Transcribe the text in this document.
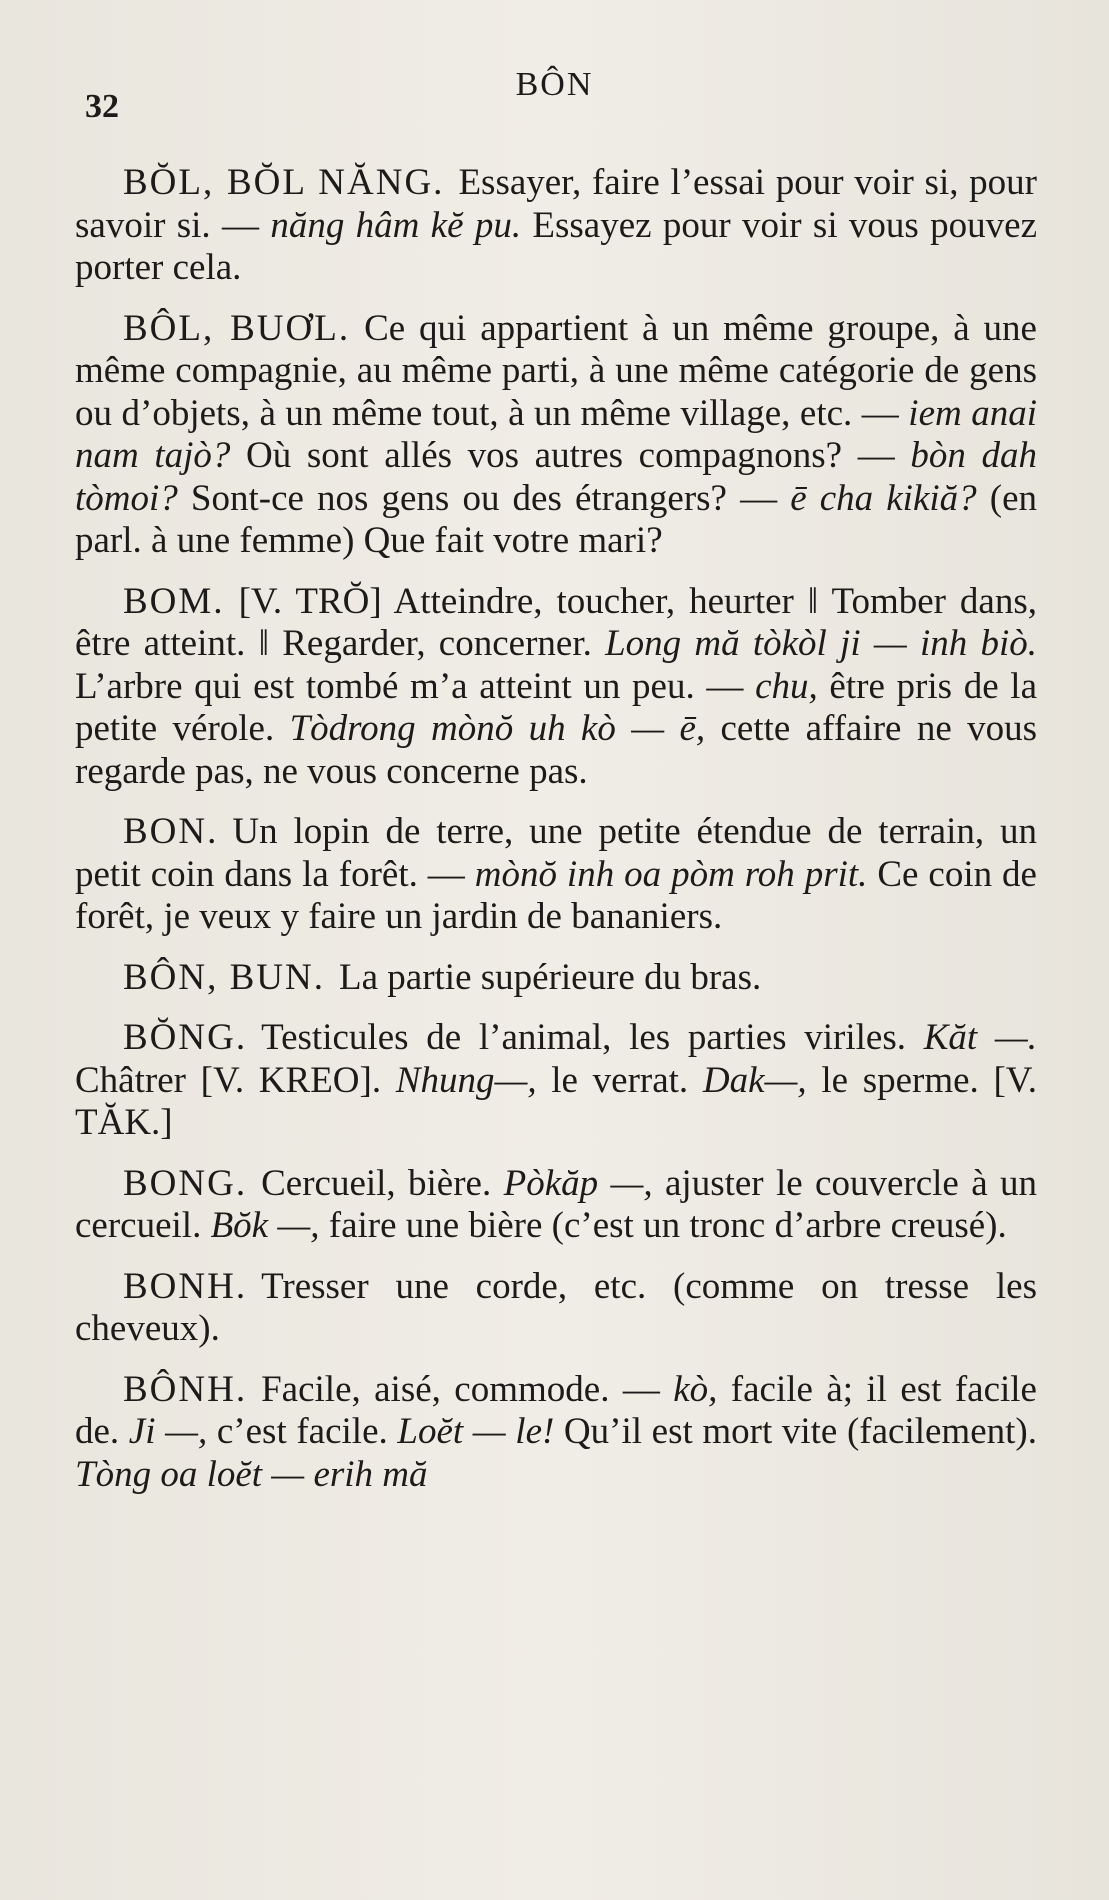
32
BÔN

BŎL, BŎL NĂNG. Essayer, faire l’essai pour voir si, pour savoir si. — năng hâm kĕ pu. Essayez pour voir si vous pouvez porter cela.

BÔL, BUƠL. Ce qui appartient à un même groupe, à une même compagnie, au même parti, à une même catégorie de gens ou d’objets, à un même tout, à un même village, etc. — iem anai nam tajò? Où sont allés vos autres compagnons? — bòn dah tòmoi? Sont-ce nos gens ou des étrangers? — ē cha kikiă? (en parl. à une femme) Que fait votre mari?

BOM. [V. TRŎ] Atteindre, toucher, heurter ‖ Tomber dans, être atteint. ‖ Regarder, concerner. Long mă tòkòl ji — inh biò. L’arbre qui est tombé m’a atteint un peu. — chu, être pris de la petite vérole. Tòdrong mònŏ uh kò — ē, cette affaire ne vous regarde pas, ne vous concerne pas.

BON. Un lopin de terre, une petite étendue de terrain, un petit coin dans la forêt. — mònŏ inh oa pòm roh prit. Ce coin de forêt, je veux y faire un jardin de bananiers.

BÔN, BUN. La partie supérieure du bras.

BŎNG. Testicules de l’animal, les parties viriles. Kăt —. Châtrer [V. KREO]. Nhung—, le verrat. Dak—, le sperme. [V. TĂK.]

BONG. Cercueil, bière. Pòkăp —, ajuster le couvercle à un cercueil. Bŏk —, faire une bière (c’est un tronc d’arbre creusé).

BONH. Tresser une corde, etc. (comme on tresse les cheveux).

BÔNH. Facile, aisé, commode. — kò, facile à; il est facile de. Ji —, c’est facile. Loĕt — le! Qu’il est mort vite (facilement). Tòng oa loĕt — erih mă
